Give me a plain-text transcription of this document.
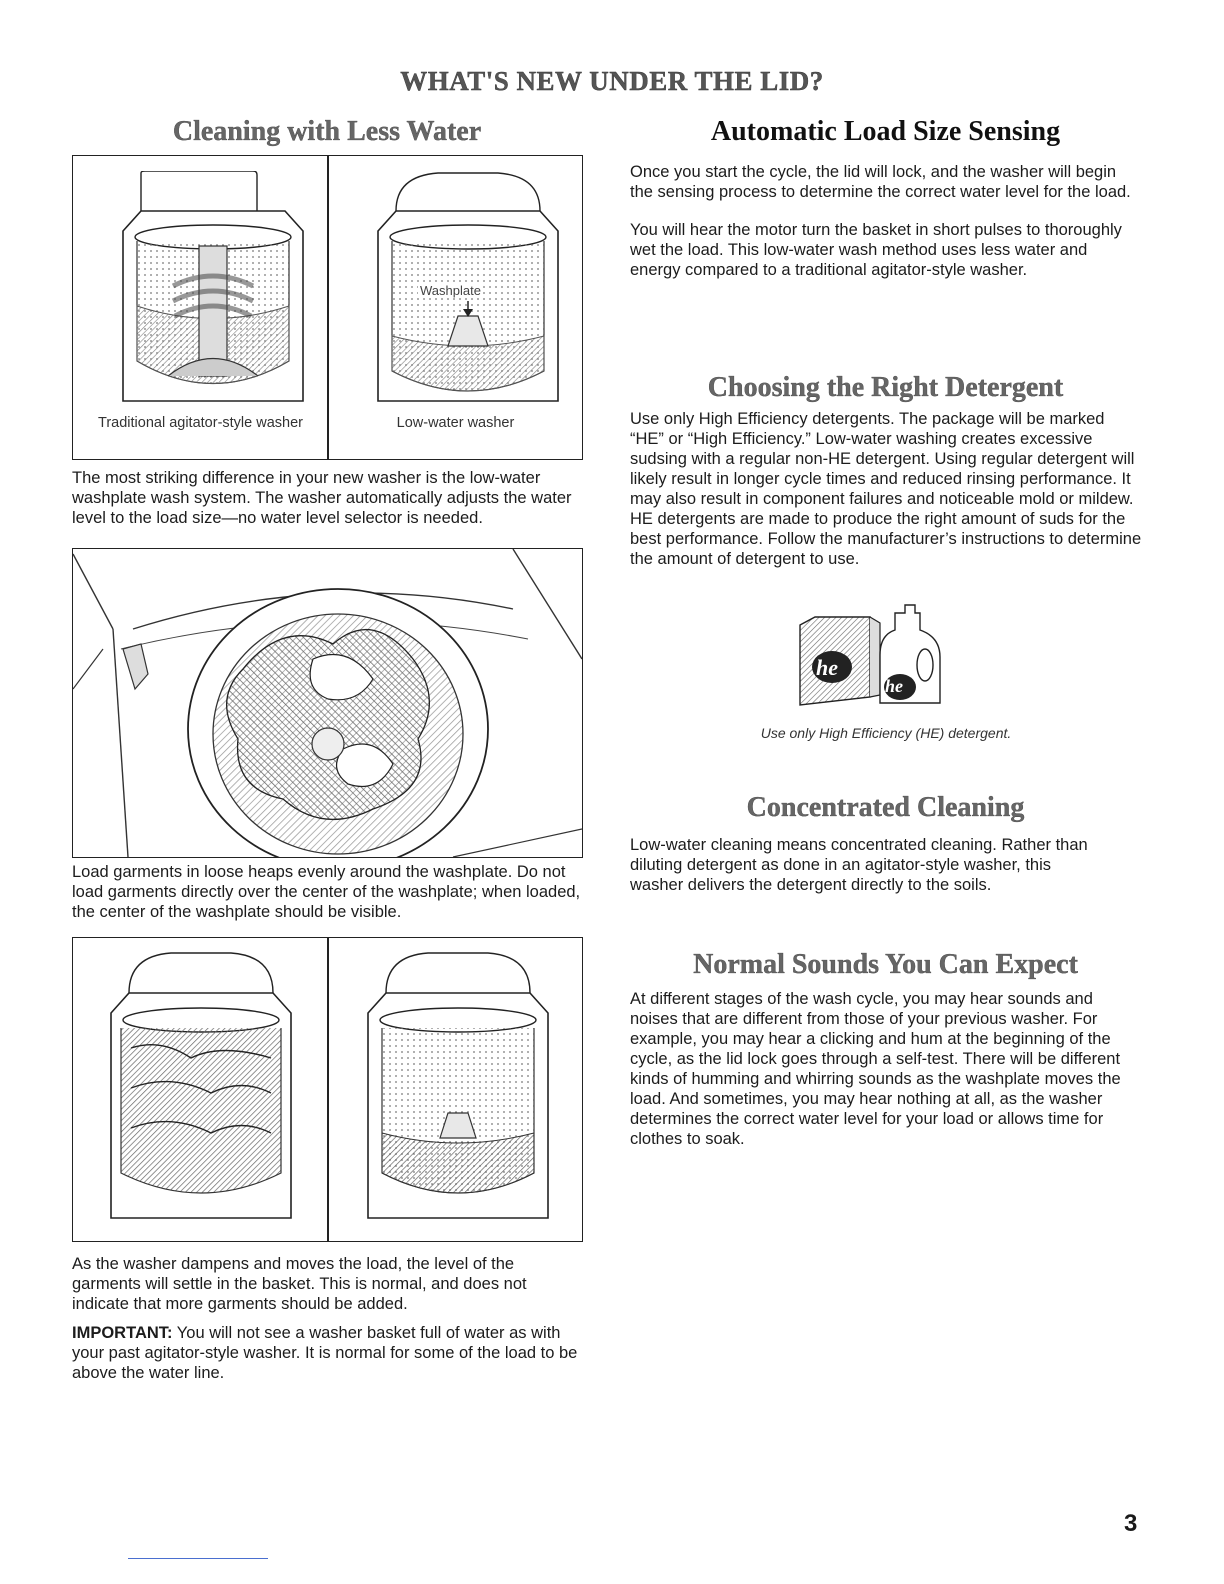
WHAT'S NEW UNDER THE LID?
Cleaning with Less Water
Washplate
Traditional agitator-style washer	Low-water washer

The most striking difference in your new washer is the low-water washplate wash system. The washer automatically adjusts the water level to the load size—no water level selector is needed.

Load garments in loose heaps evenly around the washplate. Do not load garments directly over the center of the washplate; when loaded, the center of the washplate should be visible.

As the washer dampens and moves the load, the level of the garments will settle in the basket. This is normal, and does not indicate that more garments should be added.

IMPORTANT: You will not see a washer basket full of water as with your past agitator-style washer. It is normal for some of the load to be above the water line.

Automatic Load Size Sensing

Once you start the cycle, the lid will lock, and the washer will begin the sensing process to determine the correct water level for the load.

You will hear the motor turn the basket in short pulses to thoroughly wet the load. This low-water wash method uses less water and energy compared to a traditional agitator-style washer.

Choosing the Right Detergent

Use only High Efficiency detergents. The package will be marked “HE” or “High Efficiency.” Low-water washing creates excessive sudsing with a regular non-HE detergent. Using regular detergent will likely result in longer cycle times and reduced rinsing performance. It may also result in component failures and noticeable mold or mildew. HE detergents are made to produce the right amount of suds for the best performance. Follow the manufacturer’s instructions to determine the amount of detergent to use.

he
he
Use only High Efficiency (HE) detergent.
Concentrated Cleaning

Low-water cleaning means concentrated cleaning. Rather than diluting detergent as done in an agitator-style washer, this washer delivers the detergent directly to the soils.

Normal Sounds You Can Expect

At different stages of the wash cycle, you may hear sounds and noises that are different from those of your previous washer. For example, you may hear a clicking and hum at the beginning of the cycle, as the lid lock goes through a self-test. There will be different kinds of humming and whirring sounds as the washplate moves the load. And sometimes, you may hear nothing at all, as the washer determines the correct water level for your load or allows time for clothes to soak.

3
